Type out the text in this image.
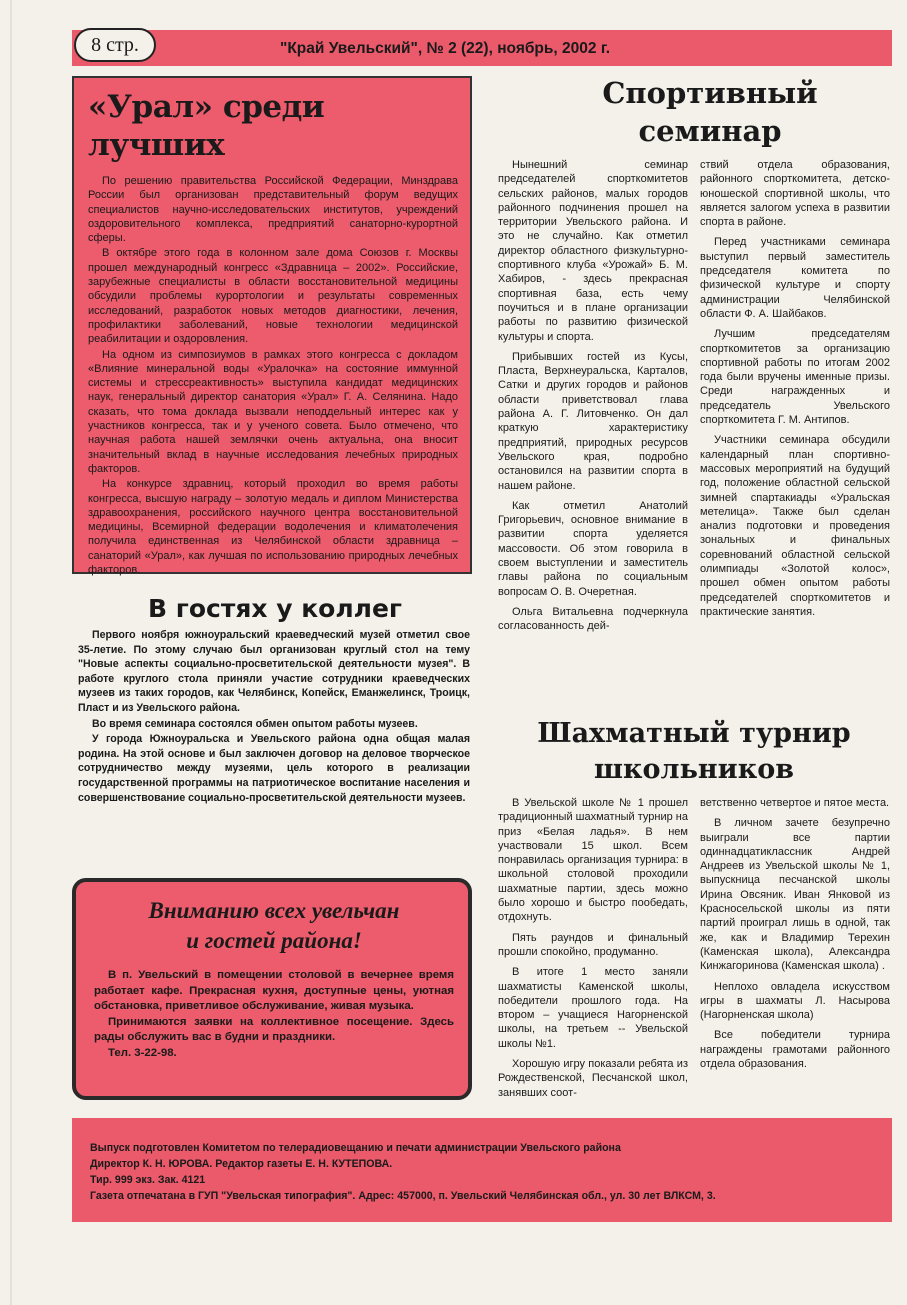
8 стр.	"Край Увельский", № 2 (22), ноябрь, 2002 г.
«Урал» среди лучших

По решению правительства Российской Федерации, Минздрава России был организован представительный форум ведущих специалистов научно-исследовательских институтов, учреждений оздоровительного комплекса, предприятий санаторно-курортной сферы.

В октябре этого года в колонном зале дома Союзов г. Москвы прошел международный конгресс «Здравница – 2002». Российские, зарубежные специалисты в области восстановительной медицины обсудили проблемы курортологии и результаты современных исследований, разработок новых методов диагностики, лечения, профилактики заболеваний, новые технологии медицинской реабилитации и оздоровления.

На одном из симпозиумов в рамках этого конгресса с докладом «Влияние минеральной воды «Уралочка» на состояние иммунной системы и стрессреактивность» выступила кандидат медицинских наук, генеральный директор санатория «Урал» Г. А. Селянина. Надо сказать, что тома доклада вызвали неподдельный интерес как у участников конгресса, так и у ученого совета. Было отмечено, что научная работа нашей землячки очень актуальна, она вносит значительный вклад в научные исследования лечебных природных факторов.

На конкурсе здравниц, который проходил во время работы конгресса, высшую награду – золотую медаль и диплом Министерства здравоохранения, российского научного центра восстановительной медицины, Всемирной федерации водолечения и климатолечения получила единственная из Челябинской области здравница – санаторий «Урал», как лучшая по использованию природных лечебных факторов.

В гостях у коллег

Первого ноября южноуральский краеведческий музей отметил свое 35-летие. По этому случаю был организован круглый стол на тему "Новые аспекты социально-просветительской деятельности музея". В работе круглого стола приняли участие сотрудники краеведческих музеев из таких городов, как Челябинск, Копейск, Еманжелинск, Троицк, Пласт и из Увельского района.

Во время семинара состоялся обмен опытом работы музеев.

У города Южноуральска и Увельского района одна общая малая родина. На этой основе и был заключен договор на деловое творческое сотрудничество между музеями, цель которого в реализации государственной программы на патриотическое воспитание населения и совершенствование социально-просветительской деятельности музеев.

Вниманию всех увельчан
и гостей района!

В п. Увельский в помещении столовой в вечернее время работает кафе. Прекрасная кухня, доступные цены, уютная обстановка, приветливое обслуживание, живая музыка.

Принимаются заявки на коллективное посещение. Здесь рады обслужить вас в будни и праздники.

Тел. 3-22-98.

Спортивный
семинар

Нынешний семинар председателей спорткомитетов сельских районов, малых городов районного подчинения прошел на территории Увельского района. И это не случайно. Как отметил директор областного физкультурно-спортивного клуба «Урожай» Б. М. Хабиров, - здесь прекрасная спортивная база, есть чему поучиться и в плане организации работы по развитию физической культуры и спорта.

Прибывших гостей из Кусы, Пласта, Верхнеуральска, Карталов, Сатки и других городов и районов области приветствовал глава района А. Г. Литовченко. Он дал краткую характеристику предприятий, природных ресурсов Увельского края, подробно остановился на развитии спорта в нашем районе.

Как отметил Анатолий Григорьевич, основное внимание в развитии спорта уделяется массовости. Об этом говорила в своем выступлении и заместитель главы района по социальным вопросам О. В. Очеретная.

Ольга Витальевна подчеркнула согласованность дей-

ствий отдела образования, районного спорткомитета, детско-юношеской спортивной школы, что является залогом успеха в развитии спорта в районе.

Перед участниками семинара выступил первый заместитель председателя комитета по физической культуре и спорту администрации Челябинской области Ф. А. Шайбаков.

Лучшим председателям спорткомитетов за организацию спортивной работы по итогам 2002 года были вручены именные призы. Среди награжденных и председатель Увельского спорткомитета Г. М. Антипов.

Участники семинара обсудили календарный план спортивно-массовых мероприятий на будущий год, положение областной сельской зимней спартакиады «Уральская метелица». Также был сделан анализ подготовки и проведения зональных и финальных соревнований областной сельской олимпиады «Золотой колос», прошел обмен опытом работы председателей спорткомитетов и практические занятия.

Шахматный турнир
школьников

В Увельской школе № 1 прошел традиционный шахматный турнир на приз «Белая ладья». В нем участвовали 15 школ. Всем понравилась организация турнира: в школьной столовой проходили шахматные партии, здесь можно было хорошо и быстро пообедать, отдохнуть.

Пять раундов и финальный прошли спокойно, продуманно.

В итоге 1 место заняли шахматисты Каменской школы, победители прошлого года. На втором – учащиеся Нагорненской школы, на третьем -- Увельской школы №1.

Хорошую игру показали ребята из Рождественской, Песчанской школ, занявших соот-

ветственно четвертое и пятое места.

В личном зачете безупречно выиграли все партии одиннадцатиклассник Андрей Андреев из Увельской школы № 1, выпускница песчанской школы Ирина Овсяник. Иван Янковой из Красносельской школы из пяти партий проиграл лишь в одной, так же, как и Владимир Терехин (Каменская школа), Александра Кинжагоринова (Каменская школа) .

Неплохо овладела искусством игры в шахматы Л. Насырова (Нагорненская школа)

Все победители турнира награждены грамотами районного отдела образования.

Выпуск подготовлен Комитетом по телерадиовещанию и печати администрации Увельского района

Директор К. Н. ЮРОВА. Редактор газеты Е. Н. КУТЕПОВА.

Тир. 999 экз. Зак. 4121

Газета отпечатана в ГУП "Увельская типография". Адрес: 457000, п. Увельский Челябинская обл., ул. 30 лет ВЛКСМ, 3.
